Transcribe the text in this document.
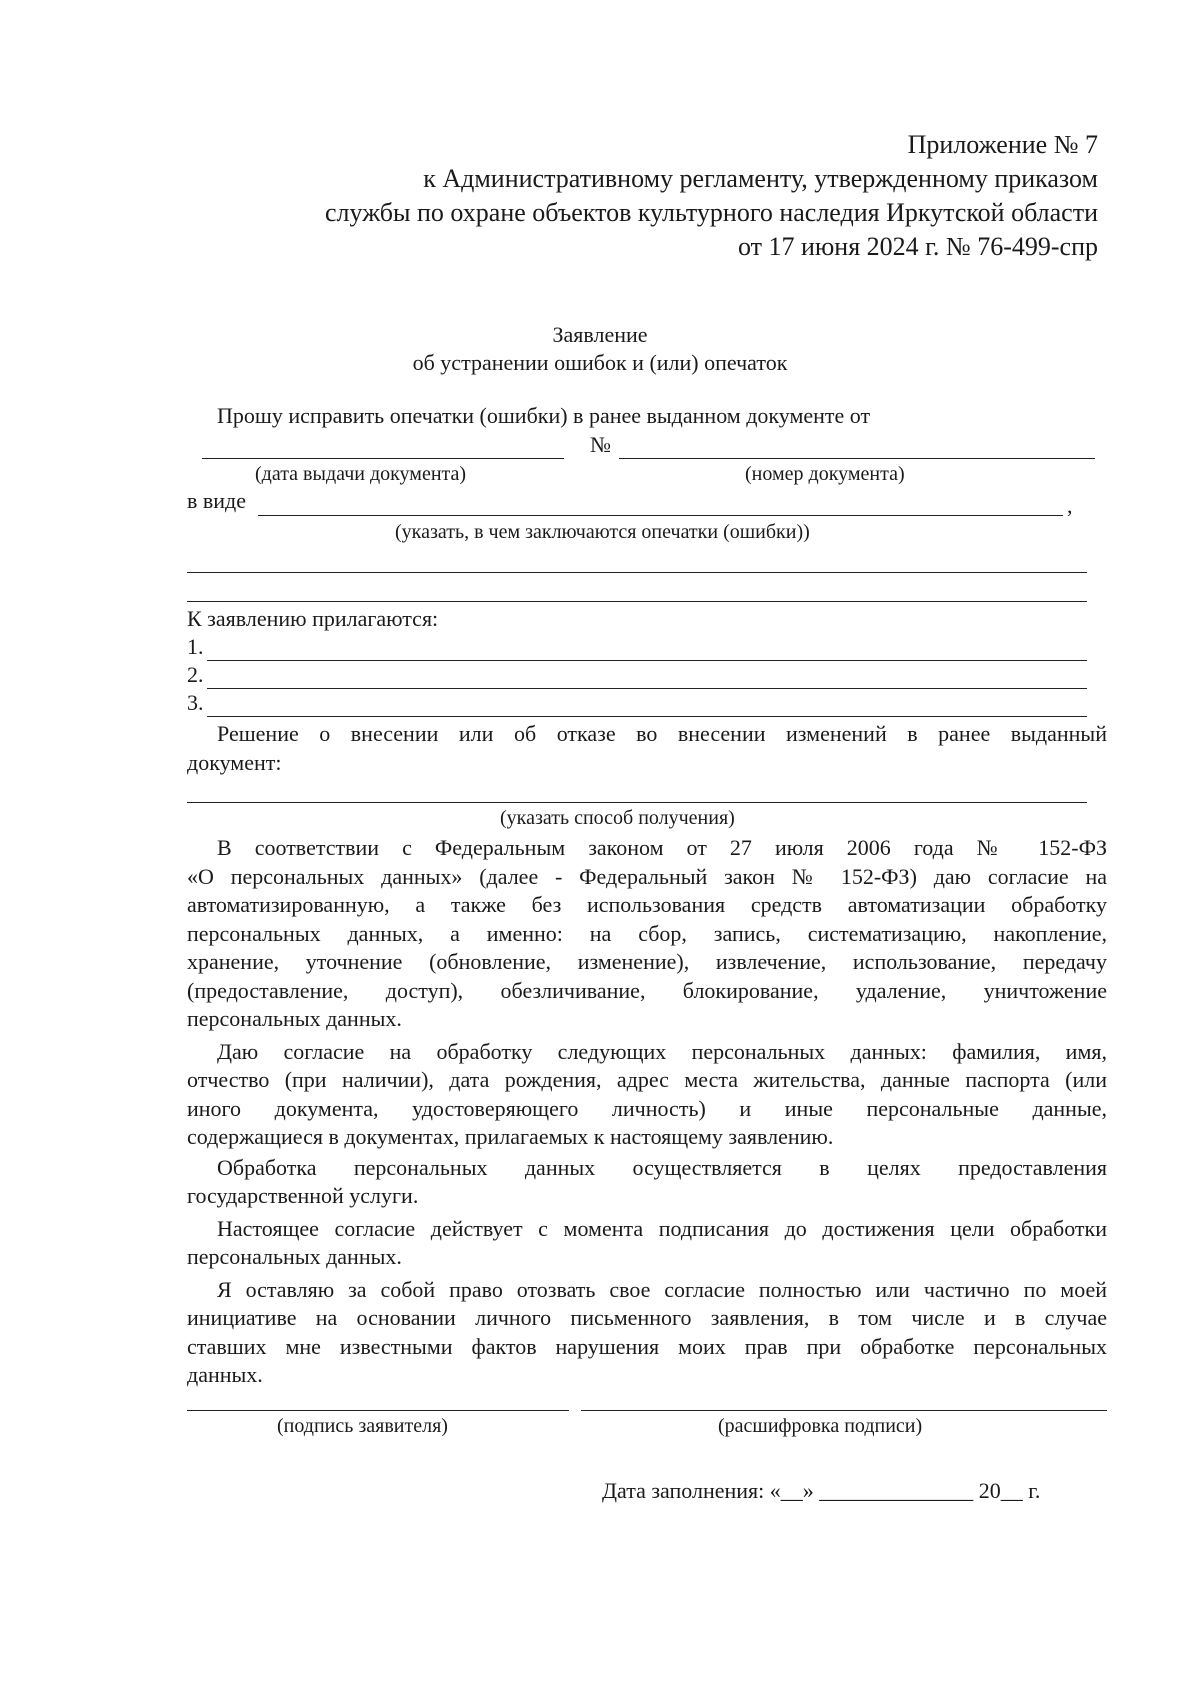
Приложение № 7
к Административному регламенту, утвержденному приказом
службы по охране объектов культурного наследия Иркутской области
от 17 июня 2024 г. № 76-499-спр
Заявление
об устранении ошибок и (или) опечаток
Прошу исправить опечатки (ошибки) в ранее выданном документе от
№
(дата выдачи документа)	(номер документа)
в виде	,
(указать, в чем заключаются опечатки (ошибки))
К заявлению прилагаются:
1.
2.
3.

Решение о внесении или об отказе во внесении изменений в ранее выданный

документ:
(указать способ получения)
В соответствии с Федеральным законом от 27 июля 2006 года № 152-ФЗ
«О персональных данных» (далее - Федеральный закон № 152-ФЗ) даю согласие на
автоматизированную, а также без использования средств автоматизации обработку
персональных данных, а именно: на сбор, запись, систематизацию, накопление,
хранение, уточнение (обновление, изменение), извлечение, использование, передачу
(предоставление, доступ), обезличивание, блокирование, удаление, уничтожение
персональных данных.
Даю согласие на обработку следующих персональных данных: фамилия, имя,
отчество (при наличии), дата рождения, адрес места жительства, данные паспорта (или
иного документа, удостоверяющего личность) и иные персональные данные,
содержащиеся в документах, прилагаемых к настоящему заявлению.
Обработка персональных данных осуществляется в целях предоставления
государственной услуги.
Настоящее согласие действует с момента подписания до достижения цели обработки
персональных данных.
Я оставляю за собой право отозвать свое согласие полностью или частично по моей
инициативе на основании личного письменного заявления, в том числе и в случае
ставших мне известными фактов нарушения моих прав при обработке персональных
данных.
(подпись заявителя)	(расшифровка подписи)
Дата заполнения: «__» ______________ 20__ г.
